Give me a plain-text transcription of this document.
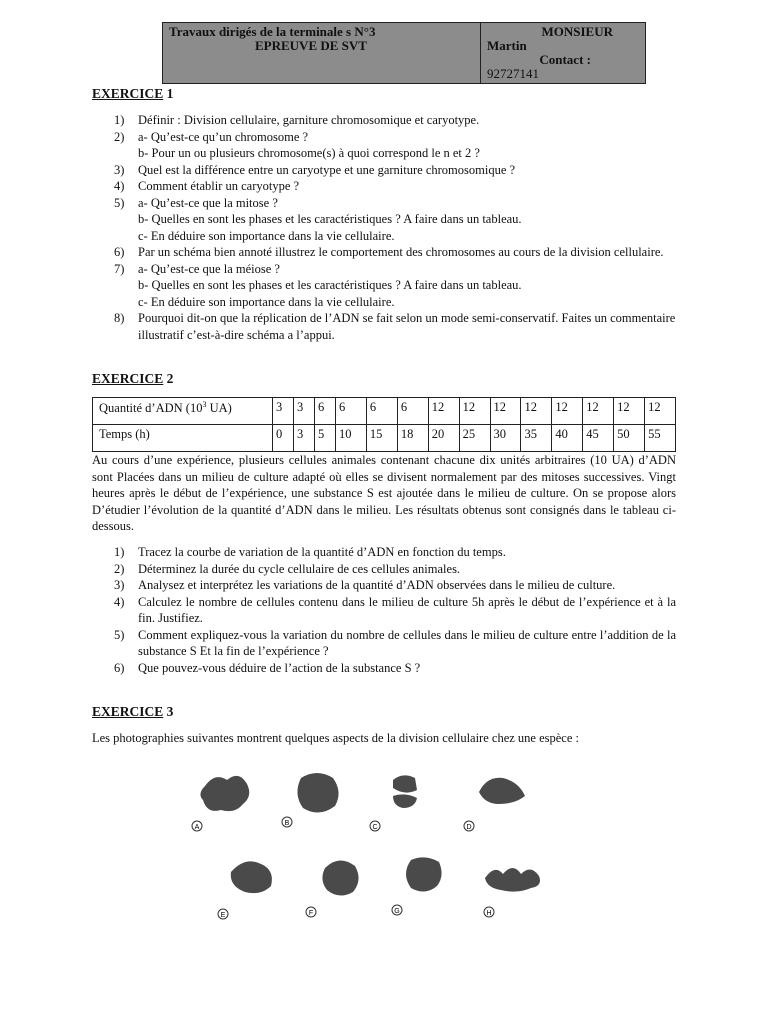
Travaux dirigés de la terminale s N°3
EPREUVE DE SVT
MONSIEUR
Martin
Contact :
92727141
EXERCICE 1
1) Définir : Division cellulaire, garniture chromosomique et caryotype.
2) a- Qu’est-ce qu’un chromosome ?
b- Pour un ou plusieurs chromosome(s) à quoi correspond le n et 2 ?
3) Quel est la différence entre un caryotype et une garniture chromosomique ?
4) Comment établir un caryotype ?
5) a- Qu’est-ce que la mitose ?
b- Quelles en sont les phases et les caractéristiques ? A faire dans un tableau.
c- En déduire son importance dans la vie cellulaire.
6) Par un schéma bien annoté illustrez le comportement des chromosomes au cours de la division cellulaire.
7) a- Qu’est-ce que la méiose ?
b- Quelles en sont les phases et les caractéristiques ? A faire dans un tableau.
c- En déduire son importance dans la vie cellulaire.
8) Pourquoi dit-on que la réplication de l’ADN se fait selon un mode semi-conservatif. Faites un commentaire illustratif c’est-à-dire schéma a l’appui.
EXERCICE 2
Quantité d’ADN ($10^3$ UA)	3	3	6	6	6	6	12	12	12	12	12	12	12	12
Temps (h)	0	3	5	10	15	18	20	25	30	35	40	45	50	55
Au cours d’une expérience, plusieurs cellules animales contenant chacune dix unités arbitraires (10 UA) d’ADN sont Placées dans un milieu de culture adapté où elles se divisent normalement par des mitoses successives. Vingt heures après le début de l’expérience, une substance S est ajoutée dans le milieu de culture. On se propose alors D’étudier l’évolution de la quantité d’ADN dans le milieu. Les résultats obtenus sont consignés dans le tableau ci-dessous.
1) Tracez la courbe de variation de la quantité d’ADN en fonction du temps.
2) Déterminez la durée du cycle cellulaire de ces cellules animales.
3) Analysez et interprétez les variations de la quantité d’ADN observées dans le milieu de culture.
4) Calculez le nombre de cellules contenu dans le milieu de culture 5h après le début de l’expérience et à la fin. Justifiez.
5) Comment expliquez-vous la variation du nombre de cellules dans le milieu de culture entre l’addition de la substance S Et la fin de l’expérience ?
6) Que pouvez-vous déduire de l’action de la substance S ?
EXERCICE 3
Les photographies suivantes montrent quelques aspects de la division cellulaire chez une espèce :
A
B
C	D
E	F	G	H
